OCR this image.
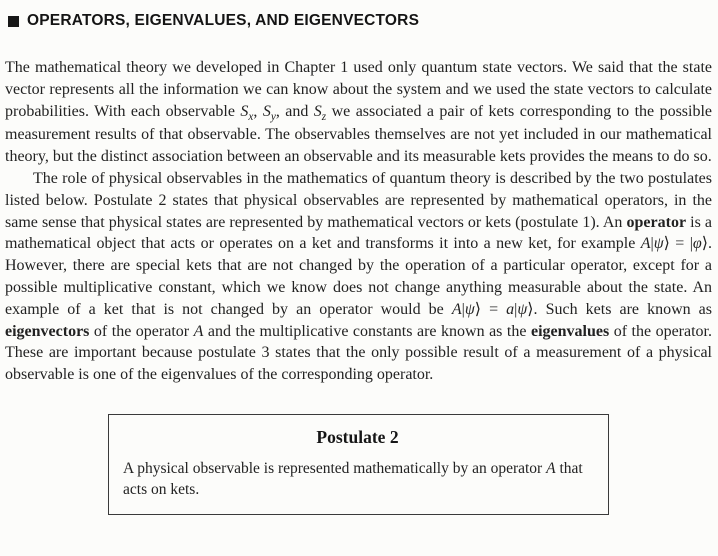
OPERATORS, EIGENVALUES, AND EIGENVECTORS

The mathematical theory we developed in Chapter 1 used only quantum state vectors. We said that the state vector represents all the information we can know about the system and we used the state vectors to calculate probabilities. With each observable $S_x$, $S_y$, and $S_z$ we associated a pair of kets corresponding to the possible measurement results of that observable. The observables themselves are not yet included in our mathematical theory, but the distinct association between an observable and its measurable kets provides the means to do so.

The role of physical observables in the mathematics of quantum theory is described by the two postulates listed below. Postulate 2 states that physical observables are represented by mathematical operators, in the same sense that physical states are represented by mathematical vectors or kets (postulate 1). An operator is a mathematical object that acts or operates on a ket and transforms it into a new ket, for example A|ψ⟩ = |φ⟩. However, there are special kets that are not changed by the operation of a particular operator, except for a possible multiplicative constant, which we know does not change anything measurable about the state. An example of a ket that is not changed by an operator would be A|ψ⟩ = a|ψ⟩. Such kets are known as eigenvectors of the operator A and the multiplicative constants are known as the eigenvalues of the operator. These are important because postulate 3 states that the only possible result of a measurement of a physical observable is one of the eigenvalues of the corresponding operator.

Postulate 2
A physical observable is represented mathematically by an operator A that acts on kets.
